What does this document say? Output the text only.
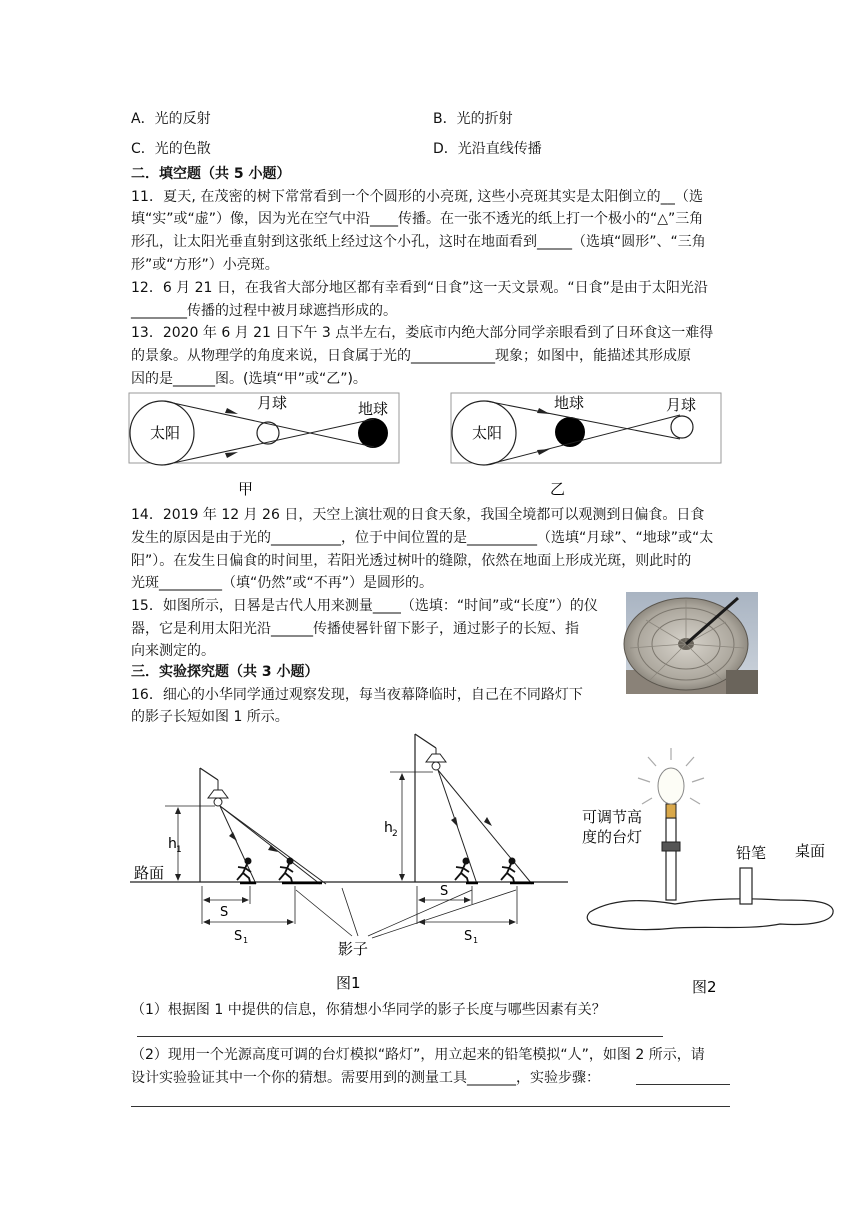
A．光的反射	B．光的折射
C．光的色散	D．光沿直线传播
二．填空题（共 5 小题）
11．夏天, 在茂密的树下常常看到一个个圆形的小亮斑, 这些小亮斑其实是太阳倒立的__（选
填“实”或“虚”）像，因为光在空气中沿____传播。在一张不透光的纸上打一个极小的“△”三角
形孔，让太阳光垂直射到这张纸上经过这个小孔，这时在地面看到_____（选填“圆形”、“三角
形”或“方形”）小亮斑。
12．6 月 21 日，在我省大部分地区都有幸看到“日食”这一天文景观。“日食”是由于太阳光沿
________传播的过程中被月球遮挡形成的。
13．2020 年 6 月 21 日下午 3 点半左右，娄底市内绝大部分同学亲眼看到了日环食这一难得
的景象。从物理学的角度来说，日食属于光的____________现象；如图中，能描述其形成原
因的是______图。(选填“甲”或“乙”)。
太阳
月球	地球
甲
太阳
地球	月球
乙
14．2019 年 12 月 26 日，天空上演壮观的日食天象，我国全境都可以观测到日偏食。日食
发生的原因是由于光的__________，位于中间位置的是__________（选填“月球”、“地球”或“太
阳”）。在发生日偏食的时间里，若阳光透过树叶的缝隙，依然在地面上形成光斑，则此时的
光斑_________（填“仍然”或“不再”）是圆形的。
15．如图所示，日晷是古代人用来测量____（选填：“时间”或“长度”）的仪
器，它是利用太阳光沿______传播使晷针留下影子，通过影子的长短、指
向来测定的。
三．实验探究题（共 3 小题）
16．细心的小华同学通过观察发现，每当夜幕降临时，自己在不同路灯下
的影子长短如图 1 所示。
路面
h 1
S
S 1
h 2
S
S 1
影子
图1
可调节高
度的台灯
铅笔 桌面
图2
（1）根据图 1 中提供的信息，你猜想小华同学的影子长度与哪些因素有关？
（2）现用一个光源高度可调的台灯模拟“路灯”，用立起来的铅笔模拟“人”，如图 2 所示，请
设计实验验证其中一个你的猜想。需要用到的测量工具_______，实验步骤：
